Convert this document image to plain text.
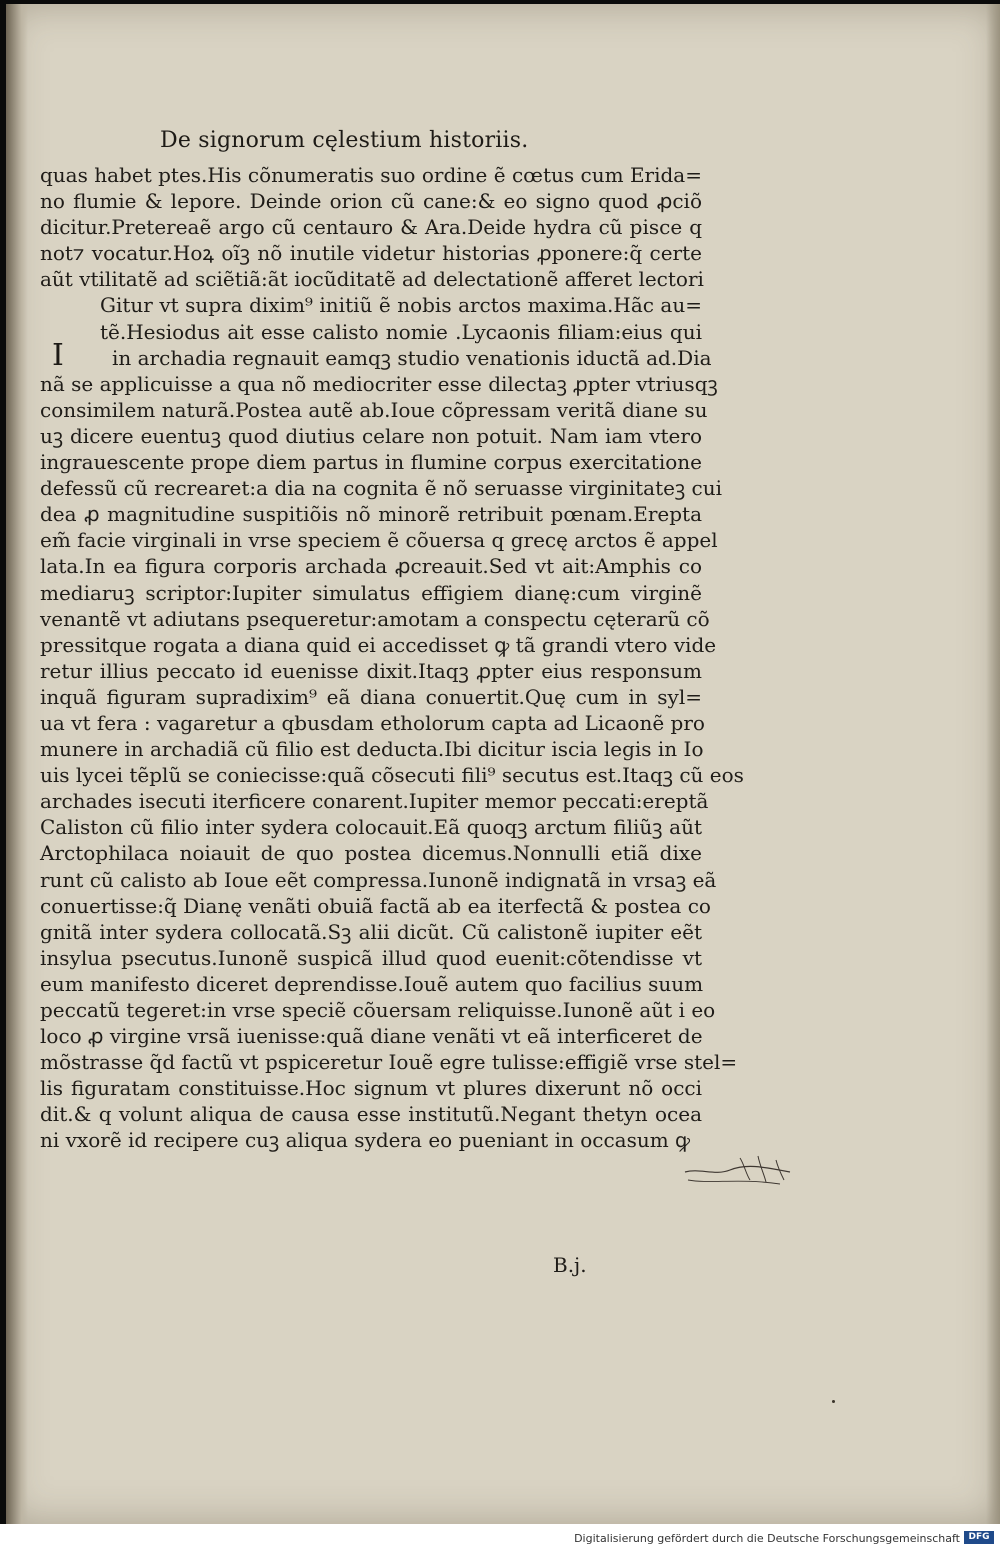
De signorum cęlestium historiis.
I
quas habet ptes.His cõnumeratis suo ordine ẽ cœtus cum Erida=
no flumie & lepore. Deinde orion cũ cane:& eo signo quod ꝓciõ
dicitur.Pretereaẽ argo cũ centauro & Ara.Deide hydra cũ pisce q
not⁊ vocatur.Hoꝝ oĩꝫ nõ inutile videtur historias ꝓponere:q̃ certe
aũt vtilitatẽ ad sciẽtiã:ãt iocũditatẽ ad delectationẽ afferet lectori
Gitur vt supra dixim⁹ initiũ ẽ nobis arctos maxima.Hãc au=
tẽ.Hesiodus ait esse calisto nomie .Lycaonis filiam:eius qui
in archadia regnauit eamqꝫ studio venationis iductã ad.Dia
nã se applicuisse a qua nõ mediocriter esse dilectaꝫ ꝓpter vtriusqꝫ
consimilem naturã.Postea autẽ ab.Ioue cõpressam veritã diane su
uꝫ dicere euentuꝫ quod diutius celare non potuit. Nam iam vtero
ingrauescente prope diem partus in flumine corpus exercitatione
defessũ cũ recrearet:a dia na cognita ẽ nõ seruasse virginitateꝫ cui
dea ꝓ magnitudine suspitiõis nõ minorẽ retribuit pœnam.Erepta
em̃ facie virginali in vrse speciem ẽ cõuersa q grecę arctos ẽ appel
lata.In ea figura corporis archada ꝓcreauit.Sed vt ait:Amphis co
mediaruꝫ scriptor:Iupiter simulatus effigiem dianę:cum virginẽ
venantẽ vt adiutans psequeretur:amotam a conspectu cęterarũ cõ
pressitque rogata a diana quid ei accedisset ꝙ tã grandi vtero vide
retur illius peccato id euenisse dixit.Itaqꝫ ꝓpter eius responsum
inquã figuram supradixim⁹ eã diana conuertit.Quę cum in syl=
ua vt fera : vagaretur a qbusdam etholorum capta ad Licaonẽ pro
munere in archadiã cũ filio est deducta.Ibi dicitur iscia legis in Io
uis lycei tẽplũ se coniecisse:quã cõsecuti fili⁹ secutus est.Itaqꝫ cũ eos
archades isecuti iterficere conarent.Iupiter memor peccati:ereptã
Caliston cũ filio inter sydera colocauit.Eã quoqꝫ arctum filiũꝫ aũt
Arctophilaca noiauit de quo postea dicemus.Nonnulli etiã dixe
runt cũ calisto ab Ioue eẽt compressa.Iunonẽ indignatã in vrsaꝫ eã
conuertisse:q̃ Dianę venãti obuiã factã ab ea iterfectã & postea co
gnitã inter sydera collocatã.Sꝫ alii dicũt. Cũ calistonẽ iupiter eẽt
insylua psecutus.Iunonẽ suspicã illud quod euenit:cõtendisse vt
eum manifesto diceret deprendisse.Iouẽ autem quo facilius suum
peccatũ tegeret:in vrse speciẽ cõuersam reliquisse.Iunonẽ aũt i eo
loco ꝓ virgine vrsã iuenisse:quã diane venãti vt eã interficeret de
mõstrasse q̃d factũ vt pspiceretur Iouẽ egre tulisse:effigiẽ vrse stel=
lis figuratam constituisse.Hoc signum vt plures dixerunt nõ occi
dit.& q volunt aliqua de causa esse institutũ.Negant thetyn ocea
ni vxorẽ id recipere cuꝫ aliqua sydera eo pueniant in occasum ꝙ
B.j.
Digitalisierung gefördert durch die Deutsche Forschungsgemeinschaft DFG
